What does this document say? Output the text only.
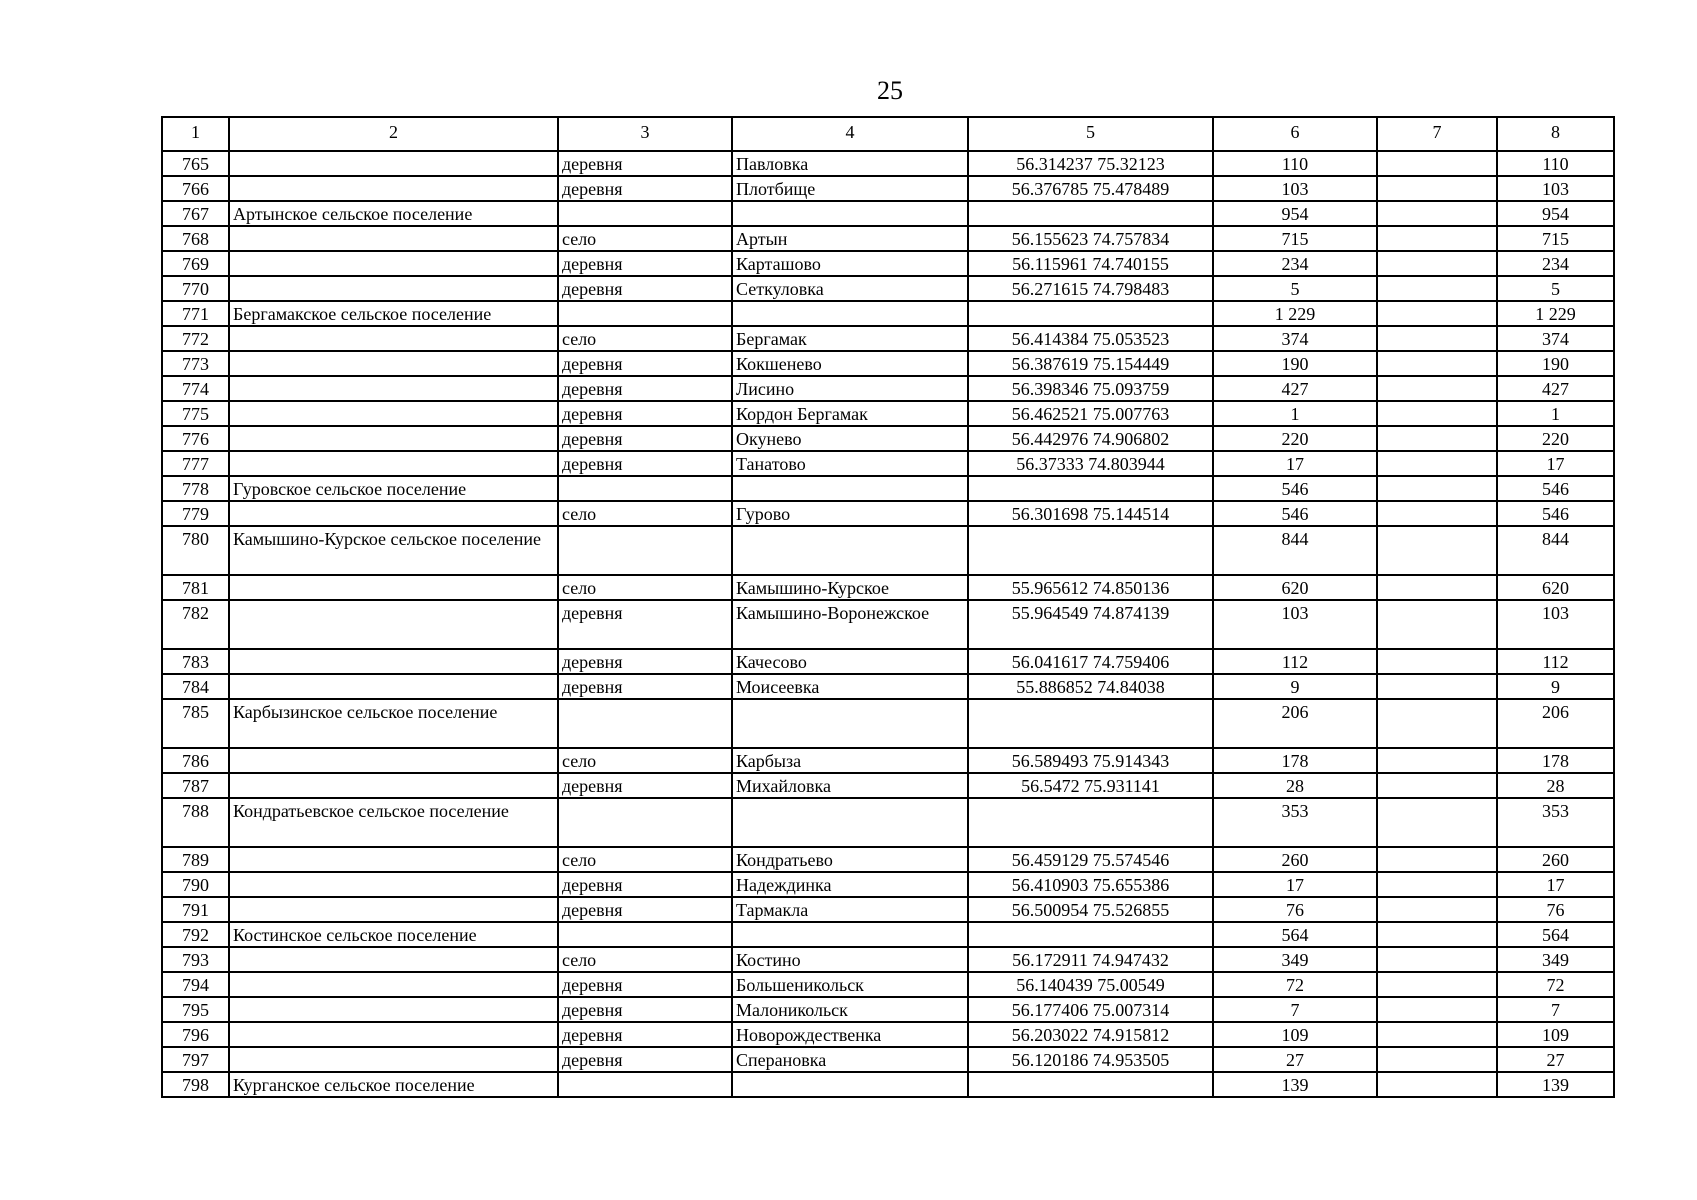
25
1	2	3	4	5	6	7	8
765		деревня	Павловка	56.314237 75.32123	110		110
766		деревня	Плотбище	56.376785 75.478489	103		103
767	Артынское сельское поселение				954		954
768		село	Артын	56.155623 74.757834	715		715
769		деревня	Карташово	56.115961 74.740155	234		234
770		деревня	Сеткуловка	56.271615 74.798483	5		5
771	Бергамакское сельское поселение				1 229		1 229
772		село	Бергамак	56.414384 75.053523	374		374
773		деревня	Кокшенево	56.387619 75.154449	190		190
774		деревня	Лисино	56.398346 75.093759	427		427
775		деревня	Кордон Бергамак	56.462521 75.007763	1		1
776		деревня	Окунево	56.442976 74.906802	220		220
777		деревня	Танатово	56.37333 74.803944	17		17
778	Гуровское сельское поселение				546		546
779		село	Гурово	56.301698 75.144514	546		546
780	Камышино-Курское сельское поселение				844		844
781		село	Камышино-Курское	55.965612 74.850136	620		620
782		деревня	Камышино-Воронежское	55.964549 74.874139	103		103
783		деревня	Качесово	56.041617 74.759406	112		112
784		деревня	Моисеевка	55.886852 74.84038	9		9
785	Карбызинское сельское поселение				206		206
786		село	Карбыза	56.589493 75.914343	178		178
787		деревня	Михайловка	56.5472 75.931141	28		28
788	Кондратьевское сельское поселение				353		353
789		село	Кондратьево	56.459129 75.574546	260		260
790		деревня	Надеждинка	56.410903 75.655386	17		17
791		деревня	Тармакла	56.500954 75.526855	76		76
792	Костинское сельское поселение				564		564
793		село	Костино	56.172911 74.947432	349		349
794		деревня	Большеникольск	56.140439 75.00549	72		72
795		деревня	Малоникольск	56.177406 75.007314	7		7
796		деревня	Новорождественка	56.203022 74.915812	109		109
797		деревня	Сперановка	56.120186 74.953505	27		27
798	Курганское сельское поселение				139		139
